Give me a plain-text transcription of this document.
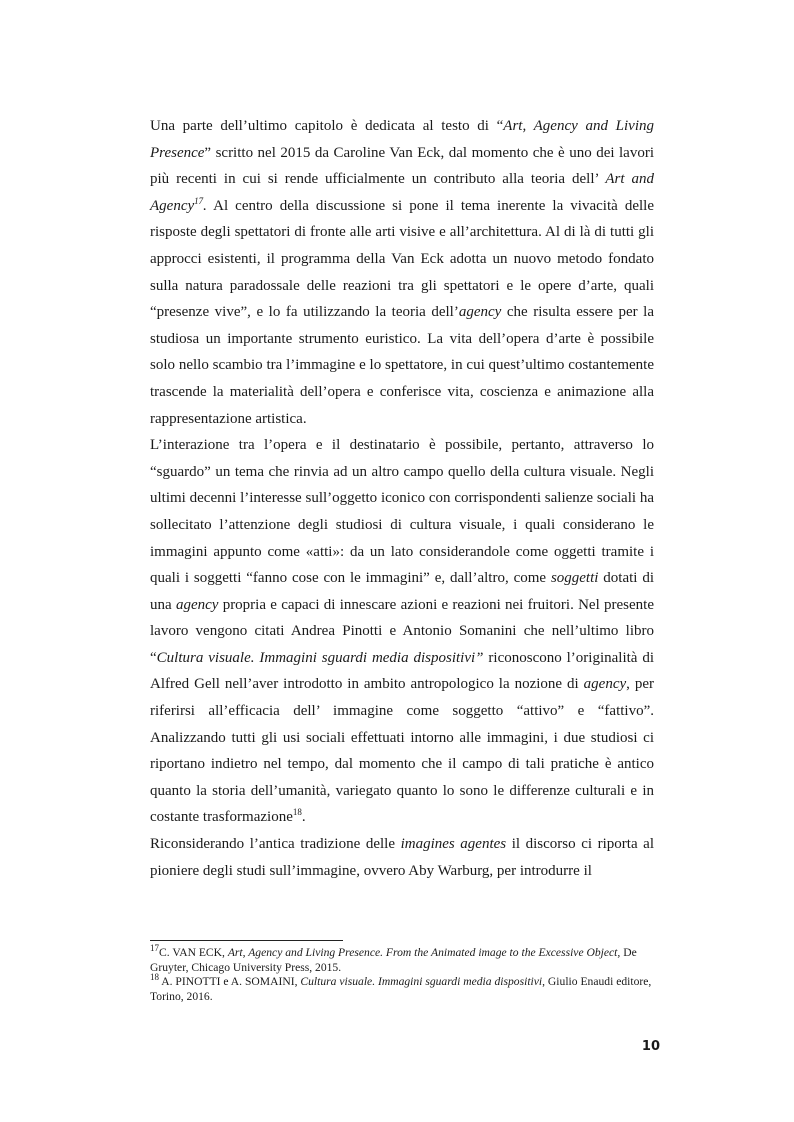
Una parte dell’ultimo capitolo è dedicata al testo di “Art, Agency and Living Presence” scritto nel 2015 da Caroline Van Eck, dal momento che è uno dei lavori più recenti in cui si rende ufficialmente un contributo alla teoria dell’ Art and Agency$^{17}$. Al centro della discussione si pone il tema inerente la vivacità delle risposte degli spettatori di fronte alle arti visive e all’architettura. Al di là di tutti gli approcci esistenti, il programma della Van Eck adotta un nuovo metodo fondato sulla natura paradossale delle reazioni tra gli spettatori e le opere d’arte, quali “presenze vive”, e lo fa utilizzando la teoria dell’agency che risulta essere per la studiosa un importante strumento euristico. La vita dell’opera d’arte è possibile solo nello scambio tra l’immagine e lo spettatore, in cui quest’ultimo costantemente trascende la materialità dell’opera e conferisce vita, coscienza e animazione alla rappresentazione artistica.

L’interazione tra l’opera e il destinatario è possibile, pertanto, attraverso lo “sguardo” un tema che rinvia ad un altro campo quello della cultura visuale. Negli ultimi decenni l’interesse sull’oggetto iconico con corrispondenti salienze sociali ha sollecitato l’attenzione degli studiosi di cultura visuale, i quali considerano le immagini appunto come «atti»: da un lato considerandole come oggetti tramite i quali i soggetti “fanno cose con le immagini” e, dall’altro, come soggetti dotati di una agency propria e capaci di innescare azioni e reazioni nei fruitori. Nel presente lavoro vengono citati Andrea Pinotti e Antonio Somanini che nell’ultimo libro “Cultura visuale. Immagini sguardi media dispositivi” riconoscono l’originalità di Alfred Gell nell’aver introdotto in ambito antropologico la nozione di agency, per riferirsi all’efficacia dell’ immagine come soggetto “attivo” e “fattivo”. Analizzando tutti gli usi sociali effettuati intorno alle immagini, i due studiosi ci riportano indietro nel tempo, dal momento che il campo di tali pratiche è antico quanto la storia dell’umanità, variegato quanto lo sono le differenze culturali e in costante trasformazione$^{18}$.

Riconsiderando l’antica tradizione delle imagines agentes il discorso ci riporta al pioniere degli studi sull’immagine, ovvero Aby Warburg, per introdurre il

$^{17}$C. VAN ECK, Art, Agency and Living Presence. From the Animated image to the Excessive Object, De Gruyter, Chicago University Press, 2015.

$^{18}$ A. PINOTTI e A. SOMAINI, Cultura visuale. Immagini sguardi media dispositivi, Giulio Enaudi editore, Torino, 2016.

10
